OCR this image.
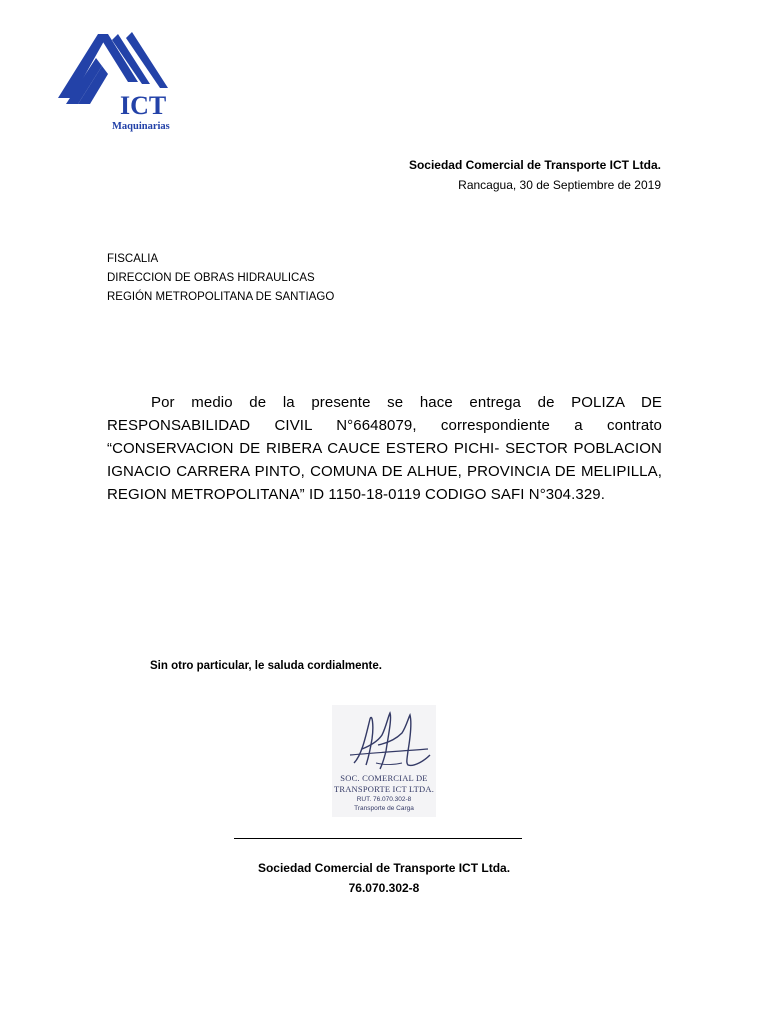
ICT
Maquinarias
Sociedad Comercial de Transporte ICT Ltda.
Rancagua, 30 de Septiembre de 2019
FISCALIA
DIRECCION DE OBRAS HIDRAULICAS
REGIÓN METROPOLITANA DE SANTIAGO

Por medio de la presente se hace entrega de POLIZA DE RESPONSABILIDAD CIVIL N°6648079, correspondiente a contrato “CONSERVACION DE RIBERA CAUCE ESTERO PICHI- SECTOR POBLACION IGNACIO CARRERA PINTO, COMUNA DE ALHUE, PROVINCIA DE MELIPILLA, REGION METROPOLITANA” ID 1150-18-0119 CODIGO SAFI N°304.329.

Sin otro particular, le saluda cordialmente.
SOC. COMERCIAL DE
TRANSPORTE ICT LTDA.
RUT. 76.070.302-8
Transporte de Carga
Sociedad Comercial de Transporte ICT Ltda.
76.070.302-8
